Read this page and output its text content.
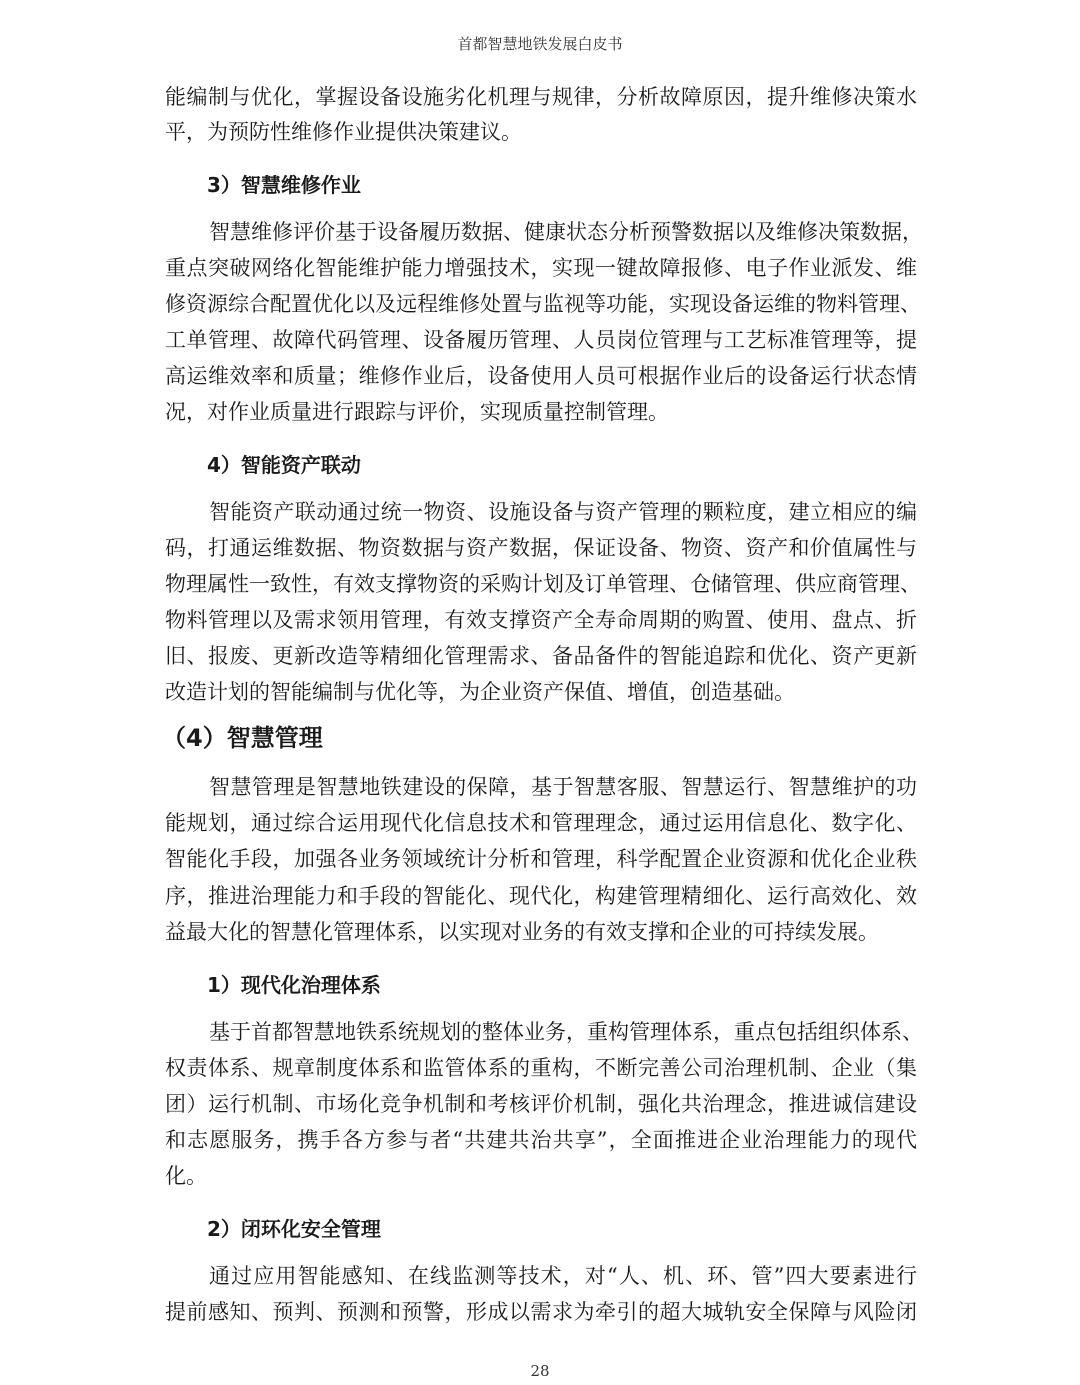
首都智慧地铁发展白皮书
能编制与优化，掌握设备设施劣化机理与规律，分析故障原因，提升维修决策水
平，为预防性维修作业提供决策建议。
3）智慧维修作业
智慧维修评价基于设备履历数据、健康状态分析预警数据以及维修决策数据，
重点突破网络化智能维护能力增强技术，实现一键故障报修、电子作业派发、维
修资源综合配置优化以及远程维修处置与监视等功能，实现设备运维的物料管理、
工单管理、故障代码管理、设备履历管理、人员岗位管理与工艺标准管理等，提
高运维效率和质量；维修作业后，设备使用人员可根据作业后的设备运行状态情
况，对作业质量进行跟踪与评价，实现质量控制管理。
4）智能资产联动
智能资产联动通过统一物资、设施设备与资产管理的颗粒度，建立相应的编
码，打通运维数据、物资数据与资产数据，保证设备、物资、资产和价值属性与
物理属性一致性，有效支撑物资的采购计划及订单管理、仓储管理、供应商管理、
物料管理以及需求领用管理，有效支撑资产全寿命周期的购置、使用、盘点、折
旧、报废、更新改造等精细化管理需求、备品备件的智能追踪和优化、资产更新
改造计划的智能编制与优化等，为企业资产保值、增值，创造基础。
（4）智慧管理
智慧管理是智慧地铁建设的保障，基于智慧客服、智慧运行、智慧维护的功
能规划，通过综合运用现代化信息技术和管理理念，通过运用信息化、数字化、
智能化手段，加强各业务领域统计分析和管理，科学配置企业资源和优化企业秩
序，推进治理能力和手段的智能化、现代化，构建管理精细化、运行高效化、效
益最大化的智慧化管理体系，以实现对业务的有效支撑和企业的可持续发展。
1）现代化治理体系
基于首都智慧地铁系统规划的整体业务，重构管理体系，重点包括组织体系、
权责体系、规章制度体系和监管体系的重构，不断完善公司治理机制、企业（集
团）运行机制、市场化竞争机制和考核评价机制，强化共治理念，推进诚信建设
和志愿服务，携手各方参与者“共建共治共享”，全面推进企业治理能力的现代
化。
2）闭环化安全管理
通过应用智能感知、在线监测等技术，对“人、机、环、管”四大要素进行
提前感知、预判、预测和预警，形成以需求为牵引的超大城轨安全保障与风险闭
28
